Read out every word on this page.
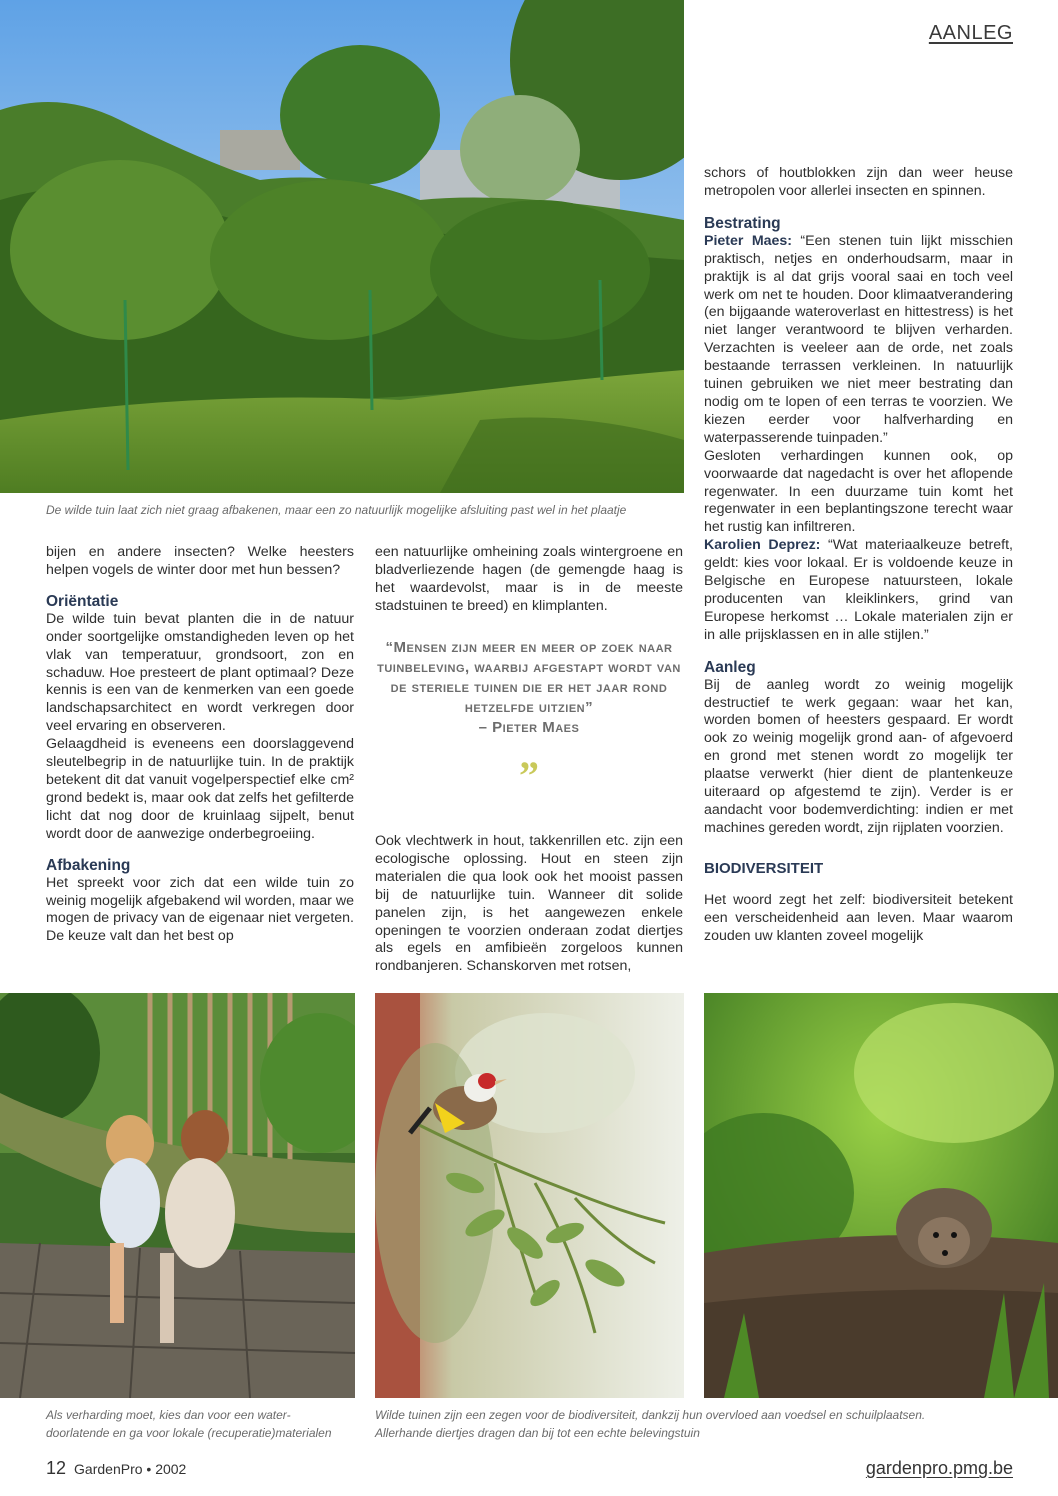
AANLEG
De wilde tuin laat zich niet graag afbakenen, maar een zo natuurlijk mogelijke afsluiting past wel in het plaatje

bijen en andere insecten? Welke heesters helpen vogels de winter door met hun bessen?

Oriëntatie

De wilde tuin bevat planten die in de natuur onder soortgelijke omstandigheden leven op het vlak van temperatuur, grondsoort, zon en schaduw. Hoe presteert de plant optimaal? Deze kennis is een van de kenmerken van een goede landschapsarchitect en wordt verkregen door veel ervaring en observeren.

Gelaagdheid is eveneens een doorslaggevend sleutelbegrip in de natuurlijke tuin. In de praktijk betekent dit dat vanuit vogelperspectief elke cm² grond bedekt is, maar ook dat zelfs het gefilterde licht dat nog door de kruinlaag sijpelt, benut wordt door de aanwezige onderbegroeiing.

Afbakening

Het spreekt voor zich dat een wilde tuin zo weinig mogelijk afgebakend wil worden, maar we mogen de privacy van de eigenaar niet vergeten. De keuze valt dan het best op

een natuurlijke omheining zoals wintergroene en bladverliezende hagen (de gemengde haag is het waardevolst, maar is in de meeste stadstuinen te breed) en klimplanten.

“Mensen zijn meer en meer op zoek naar tuinbeleving, waarbij afgestapt wordt van de steriele tuinen die er het jaar rond hetzelfde uitzien”
– Pieter Maes
”

Ook vlechtwerk in hout, takkenrillen etc. zijn een ecologische oplossing. Hout en steen zijn materialen die qua look ook het mooist passen bij de natuurlijke tuin. Wanneer dit solide panelen zijn, is het aangewezen enkele openingen te voorzien onderaan zodat diertjes als egels en amfibieën zorgeloos kunnen rondbanjeren. Schanskorven met rotsen,

schors of houtblokken zijn dan weer heuse metropolen voor allerlei insecten en spinnen.

Bestrating

Pieter Maes: “Een stenen tuin lijkt misschien praktisch, netjes en onderhoudsarm, maar in praktijk is al dat grijs vooral saai en toch veel werk om net te houden. Door klimaatverandering (en bijgaande wateroverlast en hittestress) is het niet langer verantwoord te blijven verharden. Verzachten is veeleer aan de orde, net zoals bestaande terrassen verkleinen. In natuurlijk tuinen gebruiken we niet meer bestrating dan nodig om te lopen of een terras te voorzien. We kiezen eerder voor halfverharding en waterpasserende tuinpaden.”

Gesloten verhardingen kunnen ook, op voorwaarde dat nagedacht is over het aflopende regenwater. In een duurzame tuin komt het regenwater in een beplantingszone terecht waar het rustig kan infiltreren.

Karolien Deprez: “Wat materiaalkeuze betreft, geldt: kies voor lokaal. Er is voldoende keuze in Belgische en Europese natuursteen, lokale producenten van kleiklinkers, grind van Europese herkomst … Lokale materialen zijn er in alle prijsklassen en in alle stijlen.”

Aanleg

Bij de aanleg wordt zo weinig mogelijk destructief te werk gegaan: waar het kan, worden bomen of heesters gespaard. Er wordt ook zo weinig mogelijk grond aan- of afgevoerd en grond met stenen wordt zo mogelijk ter plaatse verwerkt (hier dient de plantenkeuze uiteraard op afgestemd te zijn). Verder is er aandacht voor bodemverdichting: indien er met machines gereden wordt, zijn rijplaten voorzien.

BIODIVERSITEIT

Het woord zegt het zelf: biodiversiteit betekent een verscheidenheid aan leven. Maar waarom zouden uw klanten zoveel mogelijk

Als verharding moet, kies dan voor een water-
doorlatende en ga voor lokale (recuperatie)materialen
Wilde tuinen zijn een zegen voor de biodiversiteit, dankzij hun overvloed aan voedsel en schuilplaatsen.
Allerhande diertjes dragen dan bij tot een echte belevingstuin
12 GardenPro • 2002	gardenpro.pmg.be
